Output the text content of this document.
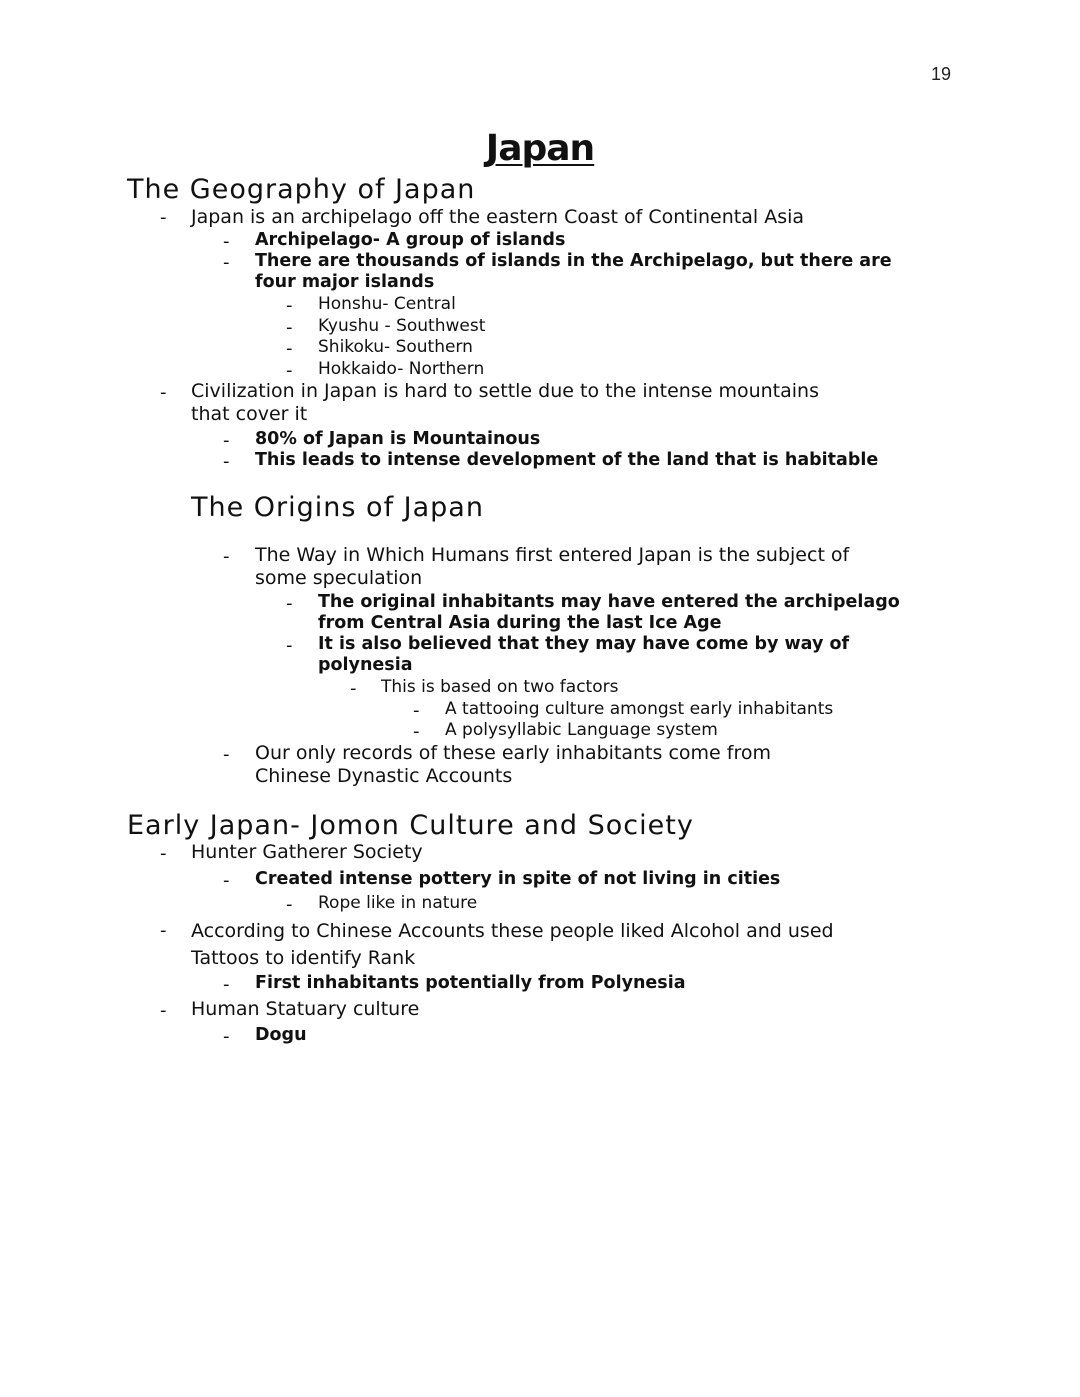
19
Japan
The Geography of Japan
- Japan is an archipelago off the eastern Coast of Continental Asia
- Archipelago- A group of islands
- There are thousands of islands in the Archipelago, but there are
four major islands
- Honshu- Central
- Kyushu - Southwest
- Shikoku- Southern
- Hokkaido- Northern
- Civilization in Japan is hard to settle due to the intense mountains
that cover it
- 80% of Japan is Mountainous
- This leads to intense development of the land that is habitable
The Origins of Japan
- The Way in Which Humans first entered Japan is the subject of
some speculation
- The original inhabitants may have entered the archipelago
from Central Asia during the last Ice Age
- It is also believed that they may have come by way of
polynesia
- This is based on two factors
- A tattooing culture amongst early inhabitants
- A polysyllabic Language system
- Our only records of these early inhabitants come from
Chinese Dynastic Accounts
Early Japan- Jomon Culture and Society
- Hunter Gatherer Society
- Created intense pottery in spite of not living in cities
- Rope like in nature
- According to Chinese Accounts these people liked Alcohol and used
Tattoos to identify Rank
- First inhabitants potentially from Polynesia
- Human Statuary culture
- Dogu
